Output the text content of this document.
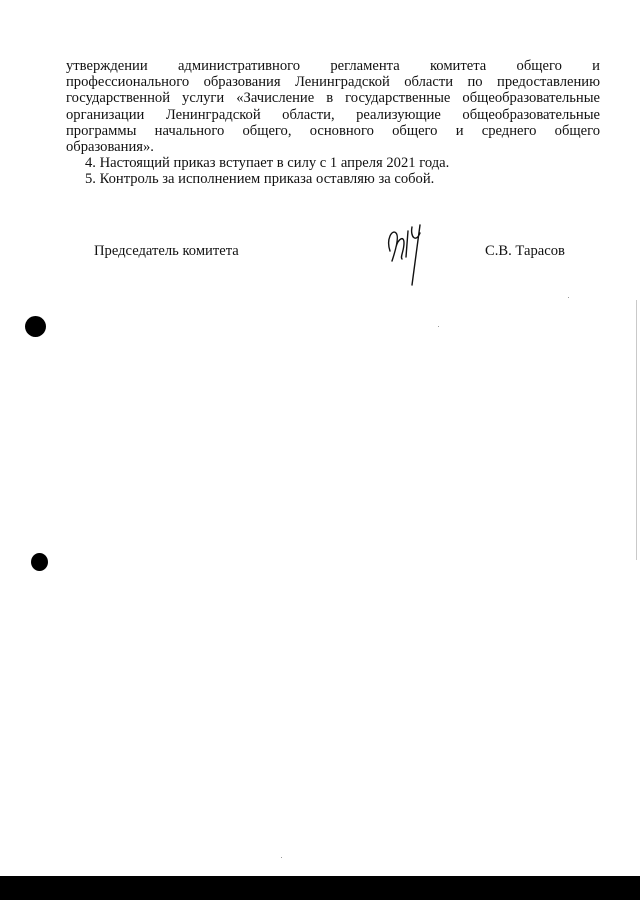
утверждении административного регламента комитета общего и
профессионального образования Ленинградской области по предоставлению
государственной услуги «Зачисление в государственные общеобразовательные
организации Ленинградской области, реализующие общеобразовательные
программы начального общего, основного общего и среднего общего
образования».
4. Настоящий приказ вступает в силу с 1 апреля 2021 года.
5. Контроль за исполнением приказа оставляю за собой.
Председатель комитета	С.В. Тарасов
